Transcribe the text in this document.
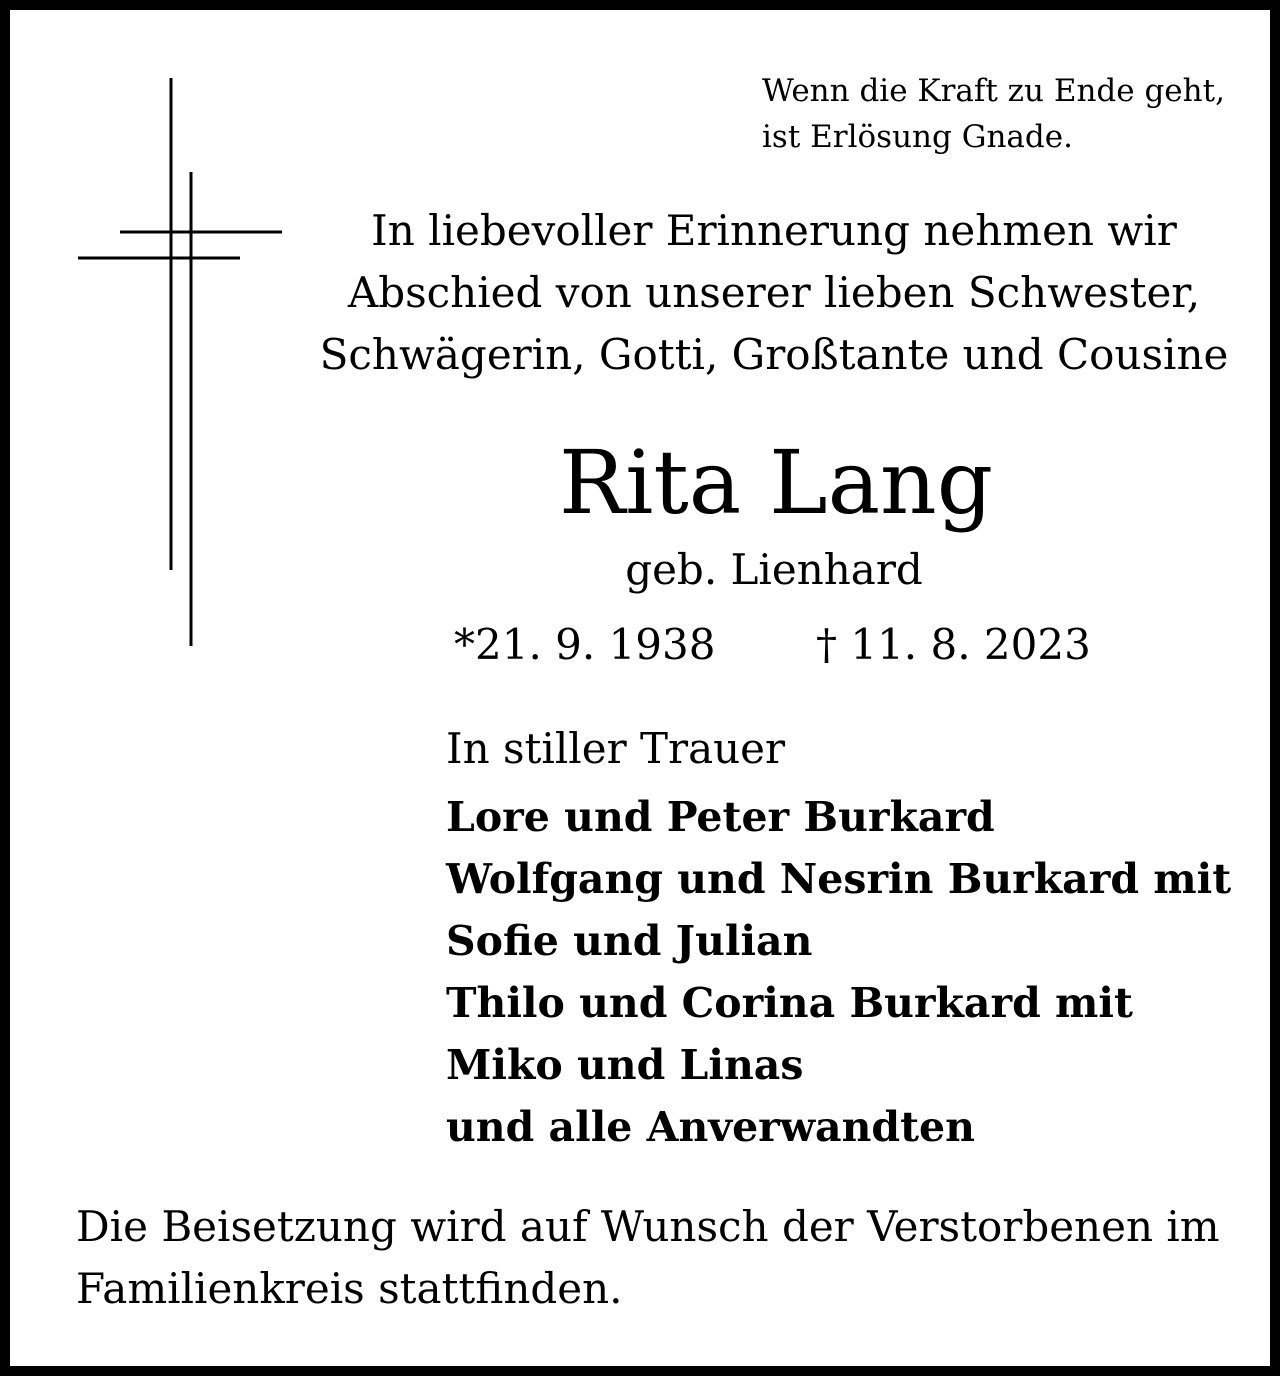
Wenn die Kraft zu Ende geht,
ist Erlösung Gnade.
In liebevoller Erinnerung nehmen wir
Abschied von unserer lieben Schwester,
Schwägerin, Gotti, Großtante und Cousine
Rita Lang
geb. Lienhard
*21. 9. 1938 † 11. 8. 2023
In stiller Trauer
Lore und Peter Burkard
Wolfgang und Nesrin Burkard mit
Sofie und Julian
Thilo und Corina Burkard mit
Miko und Linas
und alle Anverwandten
Die Beisetzung wird auf Wunsch der Verstorbenen im
Familienkreis stattfinden.
